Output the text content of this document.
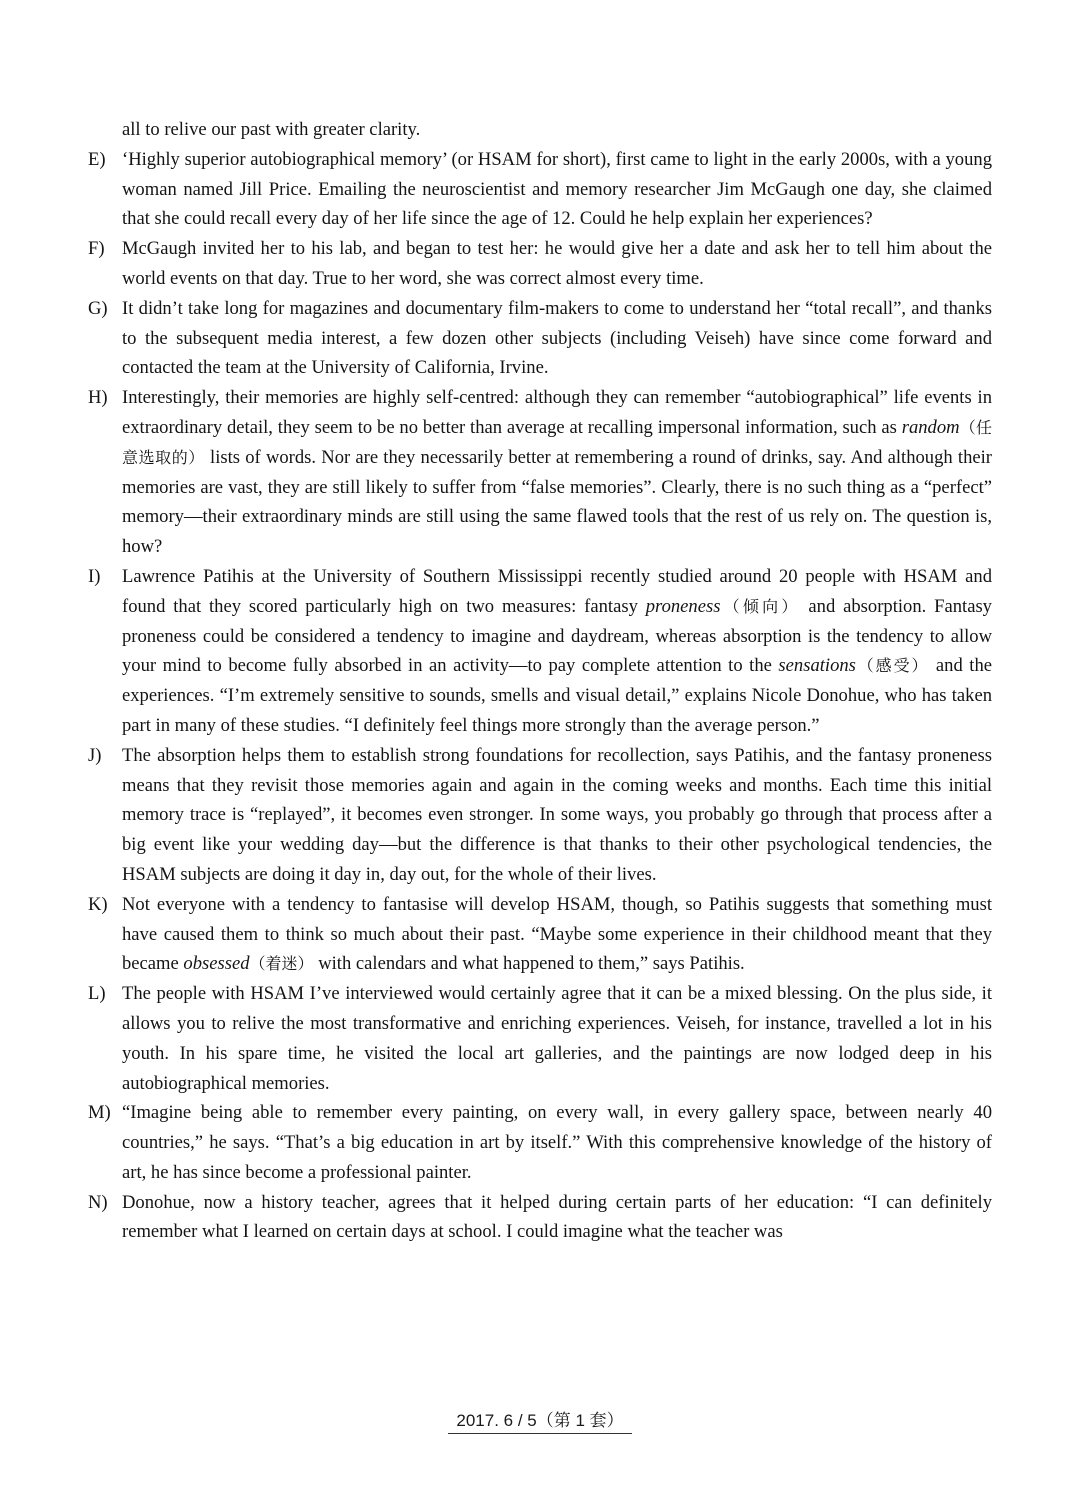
all to relive our past with greater clarity.

E) ‘Highly superior autobiographical memory’ (or HSAM for short), first came to light in the early 2000s, with a young woman named Jill Price. Emailing the neuroscientist and memory researcher Jim McGaugh one day, she claimed that she could recall every day of her life since the age of 12. Could he help explain her experiences?

F) McGaugh invited her to his lab, and began to test her: he would give her a date and ask her to tell him about the world events on that day. True to her word, she was correct almost every time.

G) It didn’t take long for magazines and documentary film-makers to come to understand her “total recall”, and thanks to the subsequent media interest, a few dozen other subjects (including Veiseh) have since come forward and contacted the team at the University of California, Irvine.

H) Interestingly, their memories are highly self-centred: although they can remember “autobiographical” life events in extraordinary detail, they seem to be no better than average at recalling impersonal information, such as random（任意选取的） lists of words. Nor are they necessarily better at remembering a round of drinks, say. And although their memories are vast, they are still likely to suffer from “false memories”. Clearly, there is no such thing as a “perfect” memory—their extraordinary minds are still using the same flawed tools that the rest of us rely on. The question is, how?

I) Lawrence Patihis at the University of Southern Mississippi recently studied around 20 people with HSAM and found that they scored particularly high on two measures: fantasy proneness（倾向） and absorption. Fantasy proneness could be considered a tendency to imagine and daydream, whereas absorption is the tendency to allow your mind to become fully absorbed in an activity—to pay complete attention to the sensations（感受） and the experiences. “I’m extremely sensitive to sounds, smells and visual detail,” explains Nicole Donohue, who has taken part in many of these studies. “I definitely feel things more strongly than the average person.”

J) The absorption helps them to establish strong foundations for recollection, says Patihis, and the fantasy proneness means that they revisit those memories again and again in the coming weeks and months. Each time this initial memory trace is “replayed”, it becomes even stronger. In some ways, you probably go through that process after a big event like your wedding day—but the difference is that thanks to their other psychological tendencies, the HSAM subjects are doing it day in, day out, for the whole of their lives.

K) Not everyone with a tendency to fantasise will develop HSAM, though, so Patihis suggests that something must have caused them to think so much about their past. “Maybe some experience in their childhood meant that they became obsessed（着迷） with calendars and what happened to them,” says Patihis.

L) The people with HSAM I’ve interviewed would certainly agree that it can be a mixed blessing. On the plus side, it allows you to relive the most transformative and enriching experiences. Veiseh, for instance, travelled a lot in his youth. In his spare time, he visited the local art galleries, and the paintings are now lodged deep in his autobiographical memories.

M) “Imagine being able to remember every painting, on every wall, in every gallery space, between nearly 40 countries,” he says. “That’s a big education in art by itself.” With this comprehensive knowledge of the history of art, he has since become a professional painter.

N) Donohue, now a history teacher, agrees that it helped during certain parts of her education: “I can definitely remember what I learned on certain days at school. I could imagine what the teacher was

2017. 6 / 5（第 1 套）
